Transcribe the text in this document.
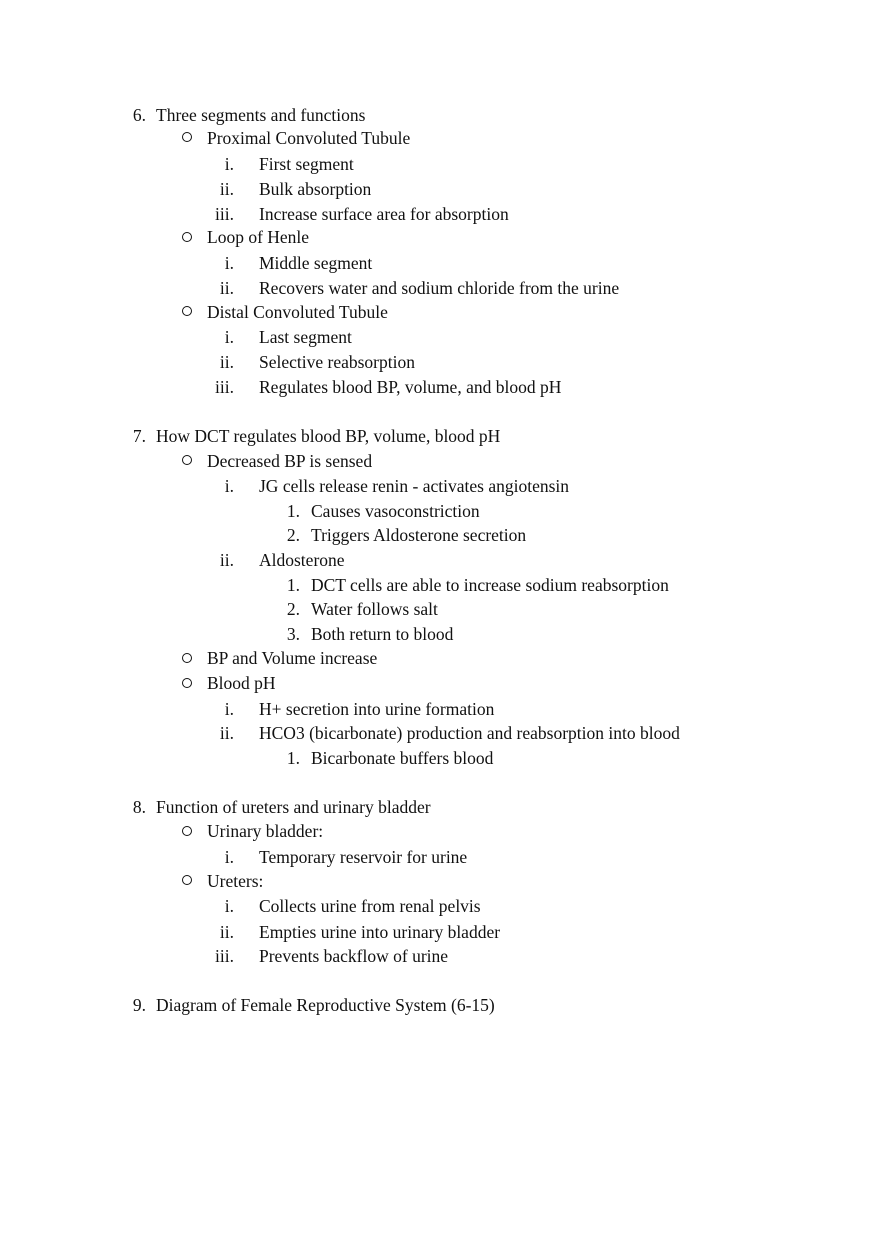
6. Three segments and functions
Proximal Convoluted Tubule
i. First segment
ii. Bulk absorption
iii. Increase surface area for absorption
Loop of Henle
i. Middle segment
ii. Recovers water and sodium chloride from the urine
Distal Convoluted Tubule
i. Last segment
ii. Selective reabsorption
iii. Regulates blood BP, volume, and blood pH
7. How DCT regulates blood BP, volume, blood pH
Decreased BP is sensed
i. JG cells release renin - activates angiotensin
1. Causes vasoconstriction
2. Triggers Aldosterone secretion
ii. Aldosterone
1. DCT cells are able to increase sodium reabsorption
2. Water follows salt
3. Both return to blood
BP and Volume increase
Blood pH
i. H+ secretion into urine formation
ii. HCO3 (bicarbonate) production and reabsorption into blood
1. Bicarbonate buffers blood
8. Function of ureters and urinary bladder
Urinary bladder:
i. Temporary reservoir for urine
Ureters:
i. Collects urine from renal pelvis
ii. Empties urine into urinary bladder
iii. Prevents backflow of urine
9. Diagram of Female Reproductive System (6-15)
